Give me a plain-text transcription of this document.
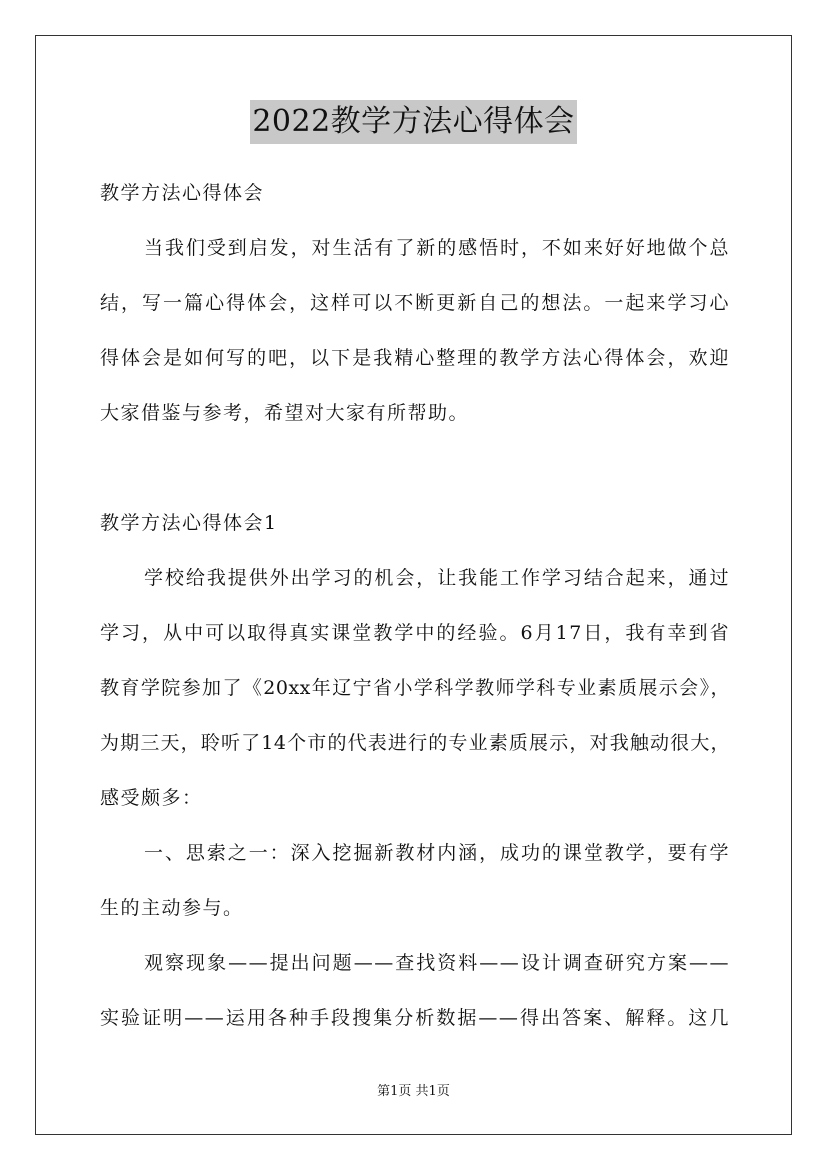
2022教学方法心得体会
教学方法心得体会
当我们受到启发，对生活有了新的感悟时，不如来好好地做个总
结，写一篇心得体会，这样可以不断更新自己的想法。一起来学习心
得体会是如何写的吧，以下是我精心整理的教学方法心得体会，欢迎
大家借鉴与参考，希望对大家有所帮助。
教学方法心得体会1
学校给我提供外出学习的机会，让我能工作学习结合起来，通过
学习，从中可以取得真实课堂教学中的经验。6月17日，我有幸到省
教育学院参加了《20xx年辽宁省小学科学教师学科专业素质展示会》，
为期三天，聆听了14个市的代表进行的专业素质展示，对我触动很大，
感受颇多：
一、思索之一：深入挖掘新教材内涵，成功的课堂教学，要有学
生的主动参与。
观察现象——提出问题——查找资料——设计调查研究方案——
实验证明——运用各种手段搜集分析数据——得出答案、解释。这几
第1页 共1页
